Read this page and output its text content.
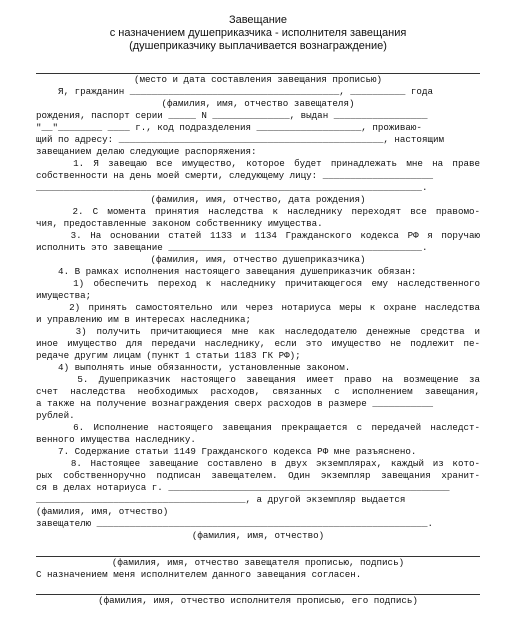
Завещание
с назначением душеприказчика - исполнителя завещания
(душеприказчику выплачивается вознаграждение)
(место и дата составления завещания прописью)
Я, гражданин ______________________________________, __________ года
(фамилия, имя, отчество завещателя)
рождения, паспорт серии _____ N ______________, выдан _________________
"__"________ ____ г., код подразделения ___________________, проживаю-
щий по адресу: ________________________________________________, настоящим
завещанием делаю следующие распоряжения:
1. Я завещаю все имущество, которое будет принадлежать мне на праве
собственности на день моей смерти, следующему лицу: ____________________
______________________________________________________________________.
(фамилия, имя, отчество, дата рождения)
2. С момента принятия наследства к наследнику переходят все правомо-
чия, предоставленные законом собственнику имущества.
3. На основании статей 1133 и 1134 Гражданского кодекса РФ я поручаю
исполнить это завещание ______________________________________________.
(фамилия, имя, отчество душеприказчика)
4. В рамках исполнения настоящего завещания душеприказчик обязан:
1) обеспечить переход к наследнику причитающегося ему наследственного
имущества;
2) принять самостоятельно или через нотариуса меры к охране наследства
и управлению им в интересах наследника;
3) получить причитающиеся мне как наследодателю денежные средства и
иное имущество для передачи наследнику, если это имущество не подлежит пе-
редаче другим лицам (пункт 1 статьи 1183 ГК РФ);
4) выполнять иные обязанности, установленные законом.
5. Душеприказчик настоящего завещания имеет право на возмещение за
счет наследства необходимых расходов, связанных с исполнением завещания,
а также на получение вознаграждения сверх расходов в размере ___________
рублей.
6. Исполнение настоящего завещания прекращается с передачей наследст-
венного имущества наследнику.
7. Содержание статьи 1149 Гражданского кодекса РФ мне разъяснено.
8. Настоящее завещание составлено в двух экземплярах, каждый из кото-
рых собственноручно подписан завещателем. Один экземпляр завещания хранит-
ся в делах нотариуса г. ___________________________________________________
______________________________________, а другой экземпляр выдается
(фамилия, имя, отчество)
завещателю ____________________________________________________________.
(фамилия, имя, отчество)
(фамилия, имя, отчество завещателя прописью, подпись)
С назначением меня исполнителем данного завещания согласен.
(фамилия, имя, отчество исполнителя прописью, его подпись)
